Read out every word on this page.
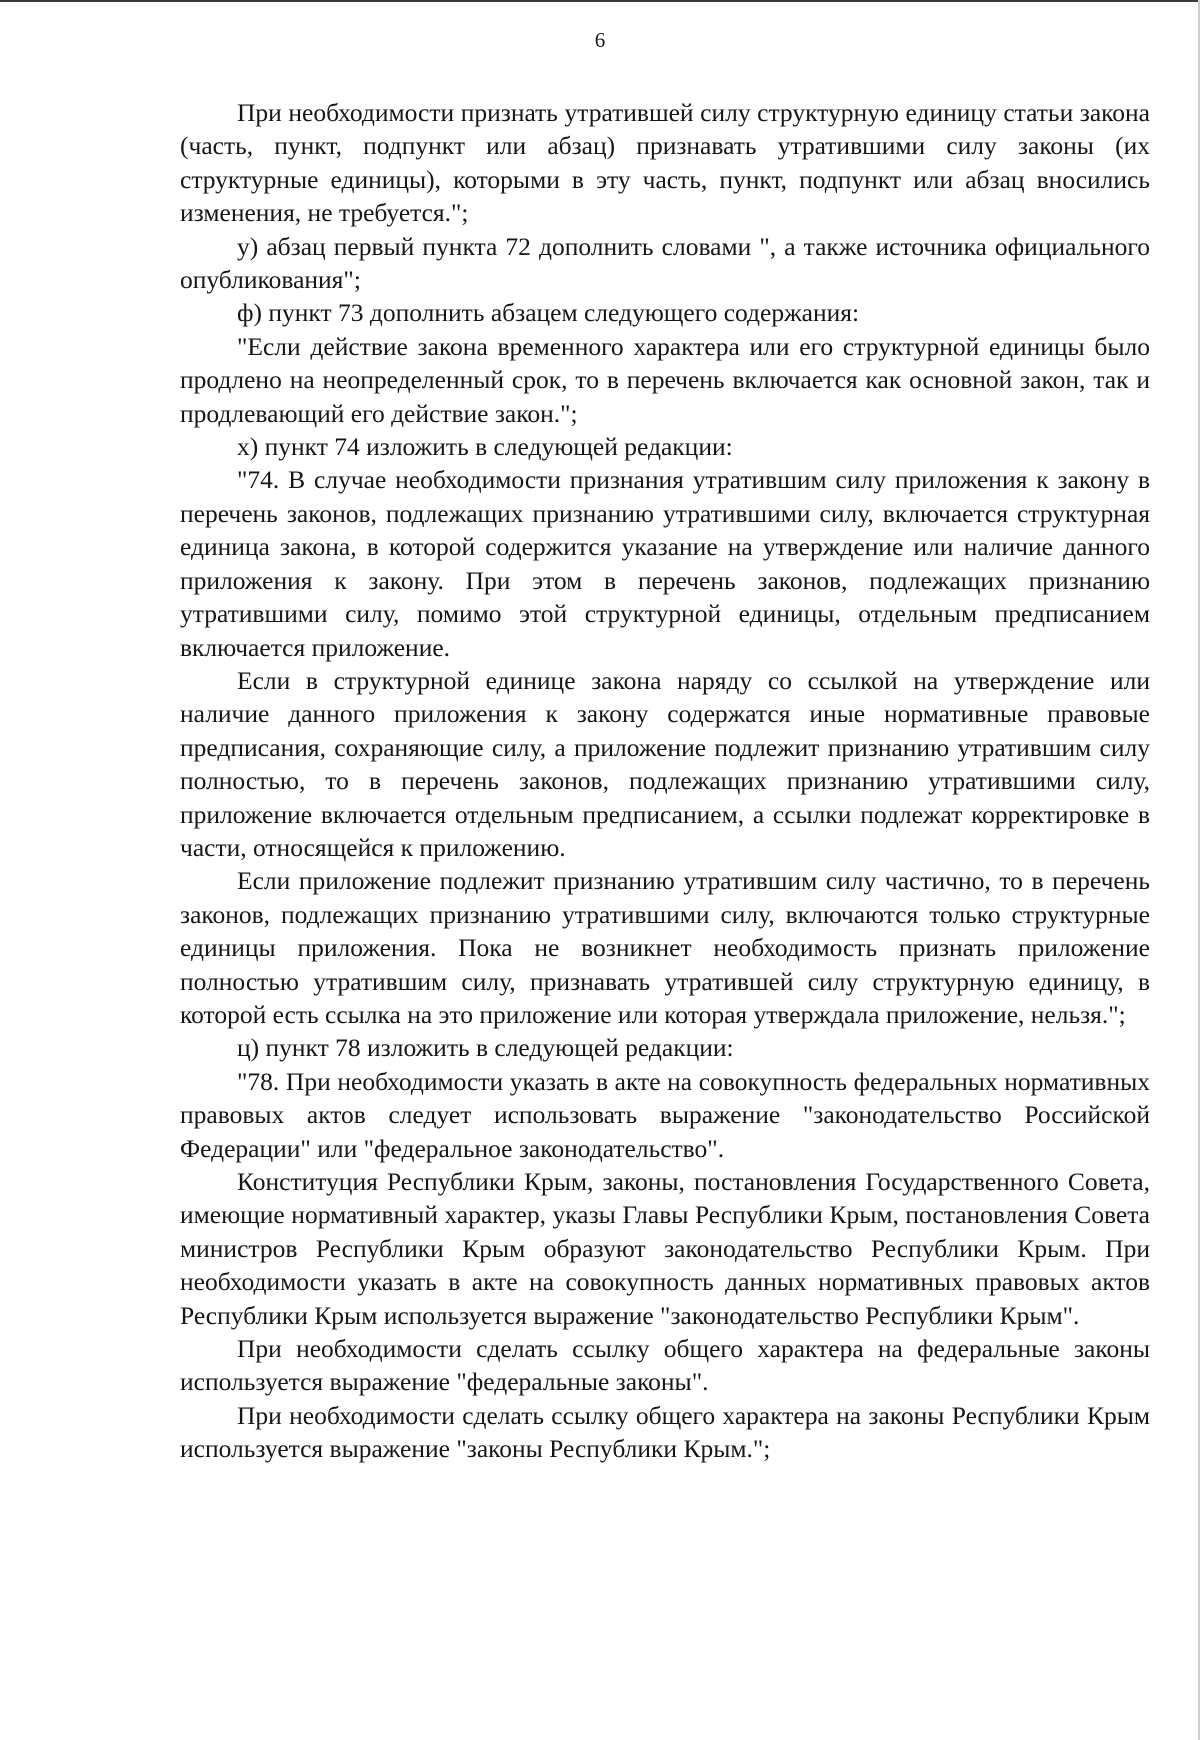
6

При необходимости признать утратившей силу структурную единицу статьи закона (часть, пункт, подпункт или абзац) признавать утратившими силу законы (их структурные единицы), которыми в эту часть, пункт, подпункт или абзац вносились изменения, не требуется.";

у) абзац первый пункта 72 дополнить словами ", а также источника официального опубликования";

ф) пункт 73 дополнить абзацем следующего содержания:

"Если действие закона временного характера или его структурной единицы было продлено на неопределенный срок, то в перечень включается как основной закон, так и продлевающий его действие закон.";

х) пункт 74 изложить в следующей редакции:

"74. В случае необходимости признания утратившим силу приложения к закону в перечень законов, подлежащих признанию утратившими силу, включается структурная единица закона, в которой содержится указание на утверждение или наличие данного приложения к закону. При этом в перечень законов, подлежащих признанию утратившими силу, помимо этой структурной единицы, отдельным предписанием включается приложение.

Если в структурной единице закона наряду со ссылкой на утверждение или наличие данного приложения к закону содержатся иные нормативные правовые предписания, сохраняющие силу, а приложение подлежит признанию утратившим силу полностью, то в перечень законов, подлежащих признанию утратившими силу, приложение включается отдельным предписанием, а ссылки подлежат корректировке в части, относящейся к приложению.

Если приложение подлежит признанию утратившим силу частично, то в перечень законов, подлежащих признанию утратившими силу, включаются только структурные единицы приложения. Пока не возникнет необходимость признать приложение полностью утратившим силу, признавать утратившей силу структурную единицу, в которой есть ссылка на это приложение или которая утверждала приложение, нельзя.";

ц) пункт 78 изложить в следующей редакции:

"78. При необходимости указать в акте на совокупность федеральных нормативных правовых актов следует использовать выражение "законодательство Российской Федерации" или "федеральное законодательство".

Конституция Республики Крым, законы, постановления Государственного Совета, имеющие нормативный характер, указы Главы Республики Крым, постановления Совета министров Республики Крым образуют законодательство Республики Крым. При необходимости указать в акте на совокупность данных нормативных правовых актов Республики Крым используется выражение "законодательство Республики Крым".

При необходимости сделать ссылку общего характера на федеральные законы используется выражение "федеральные законы".

При необходимости сделать ссылку общего характера на законы Республики Крым используется выражение "законы Республики Крым.";
